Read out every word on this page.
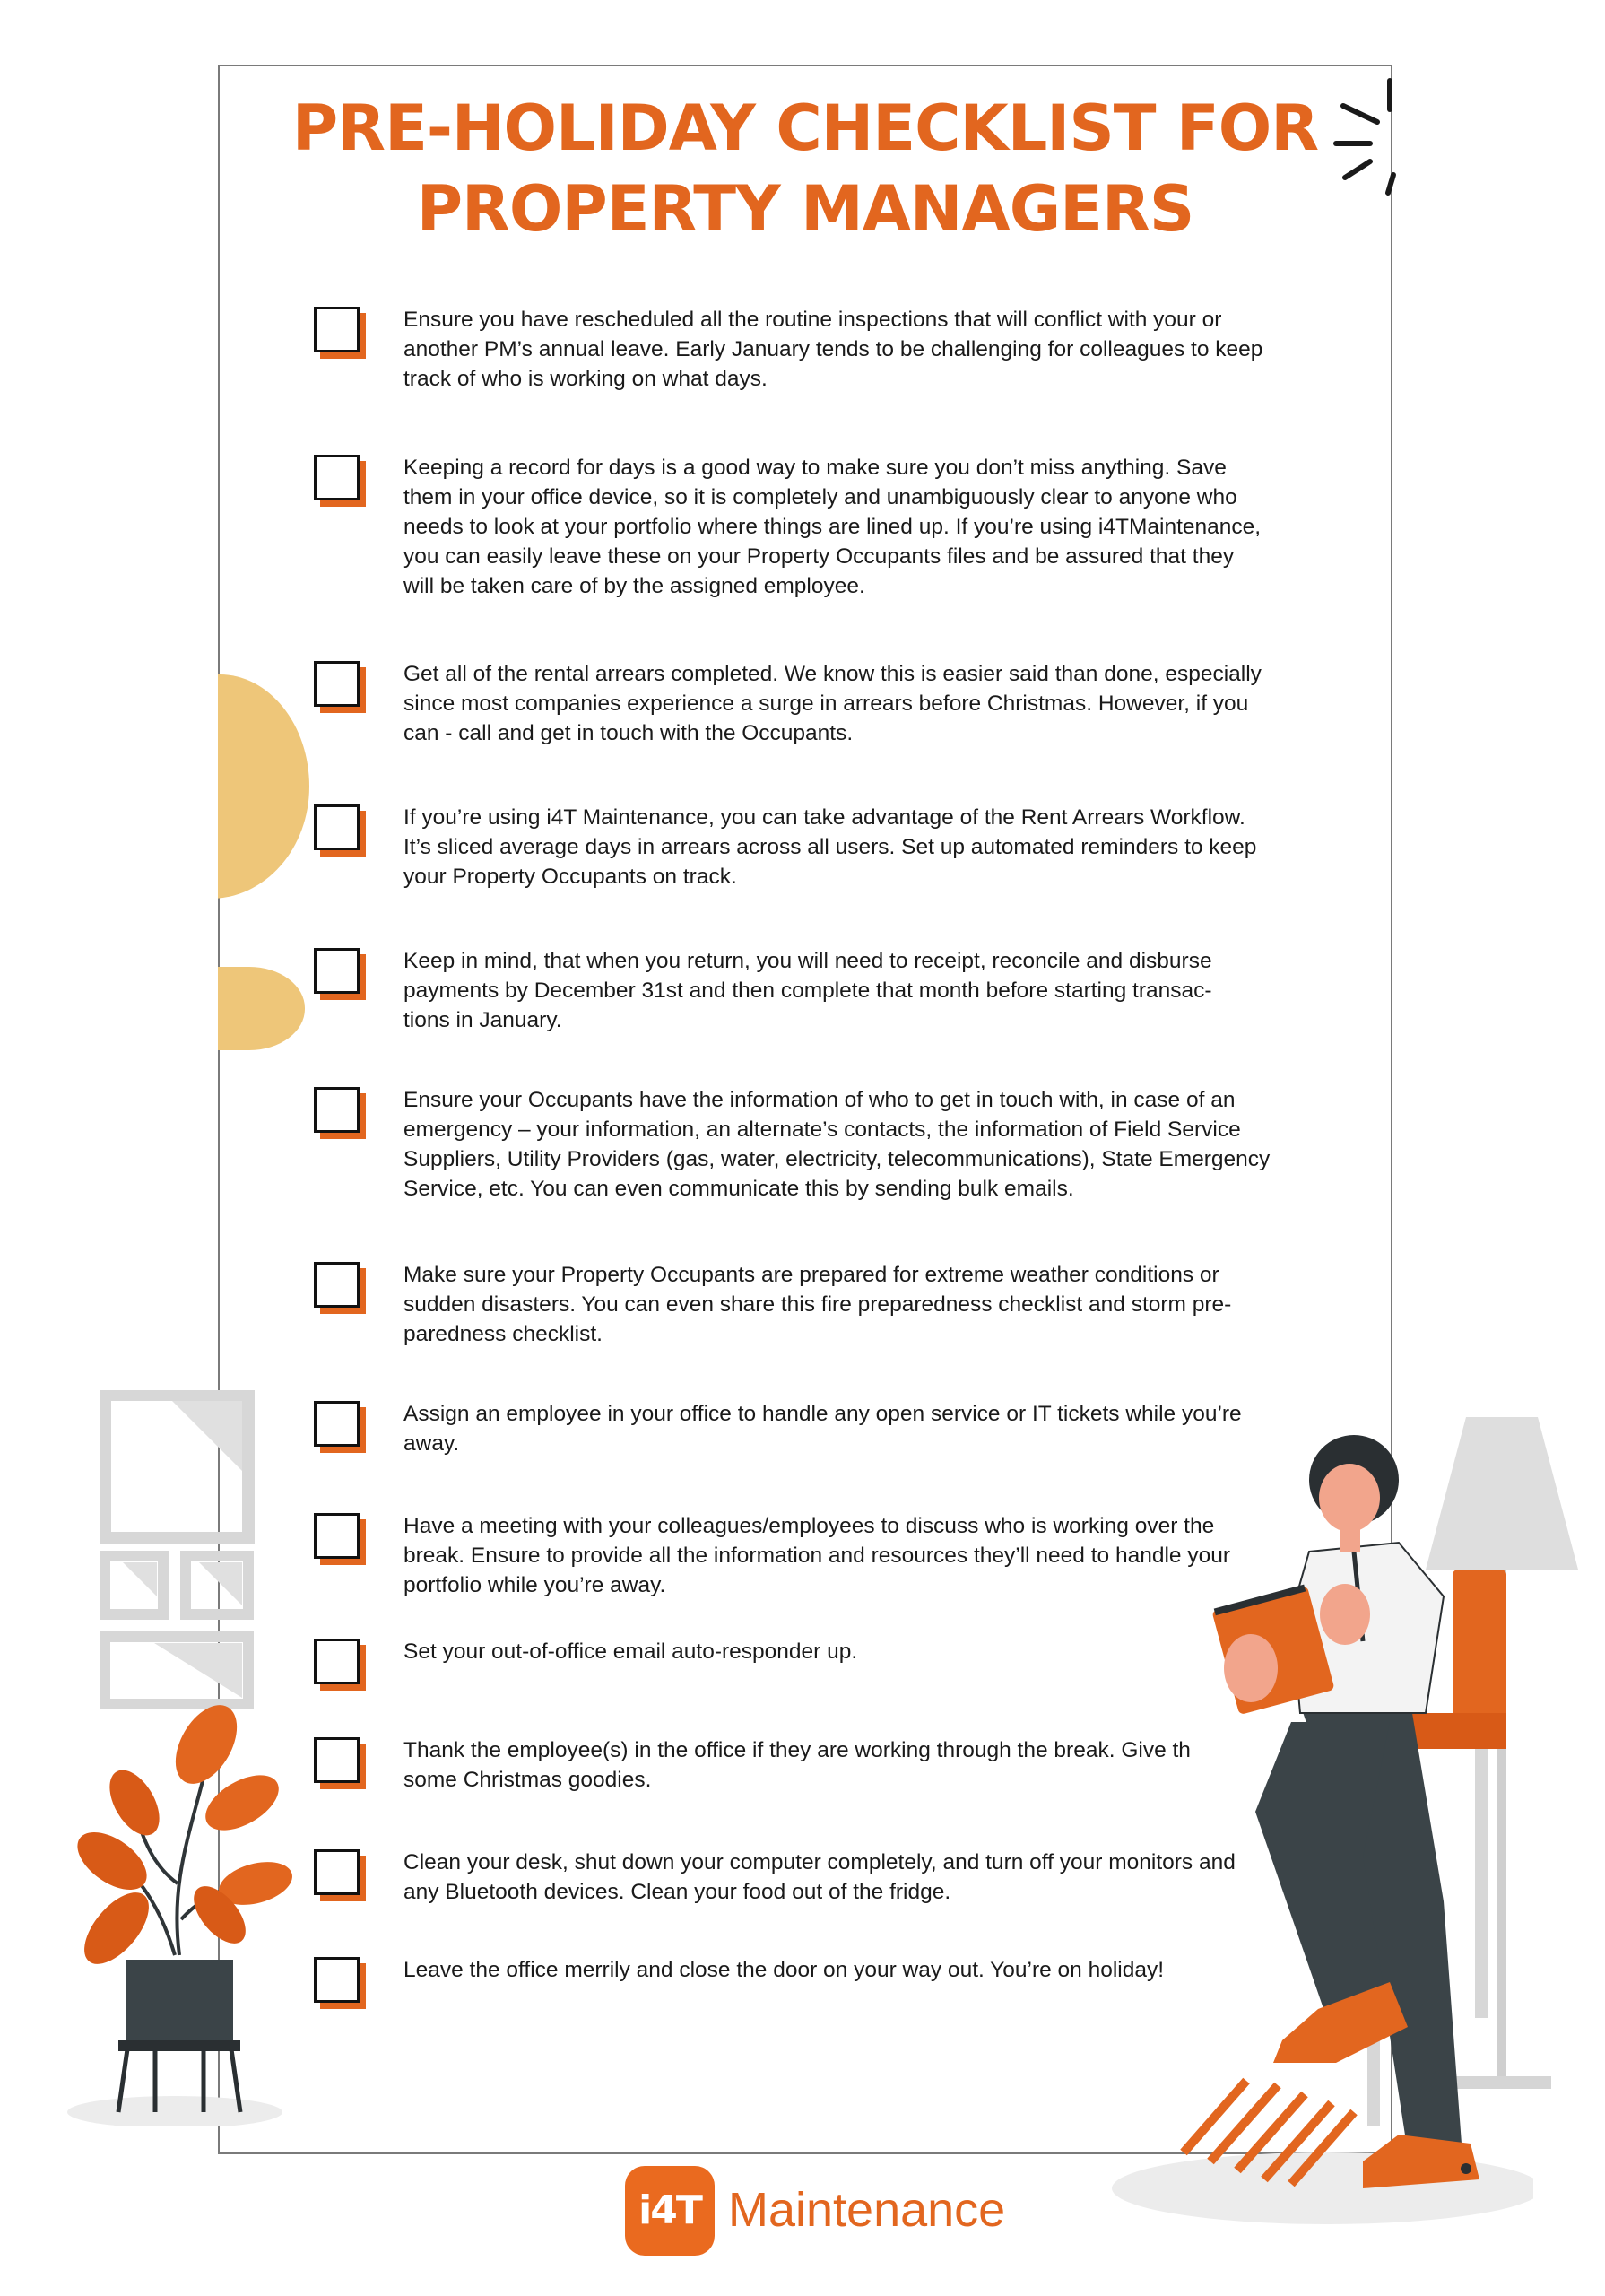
PRE-HOLIDAY CHECKLIST FOR
PROPERTY MANAGERS
Ensure you have rescheduled all the routine inspections that will conflict with your or
another PM’s annual leave. Early January tends to be challenging for colleagues to keep
track of who is working on what days.
Keeping a record for days is a good way to make sure you don’t miss anything. Save
them in your office device, so it is completely and unambiguously clear to anyone who
needs to look at your portfolio where things are lined up. If you’re using i4TMaintenance,
you can easily leave these on your Property Occupants files and be assured that they
will be taken care of by the assigned employee.
Get all of the rental arrears completed. We know this is easier said than done, especially
since most companies experience a surge in arrears before Christmas. However, if you
can - call and get in touch with the Occupants.
If you’re using i4T Maintenance, you can take advantage of the Rent Arrears Workflow.
It’s sliced average days in arrears across all users. Set up automated reminders to keep
your Property Occupants on track.
Keep in mind, that when you return, you will need to receipt, reconcile and disburse
payments by December 31st and then complete that month before starting transac-
tions in January.
Ensure your Occupants have the information of who to get in touch with, in case of an
emergency – your information, an alternate’s contacts, the information of Field Service
Suppliers, Utility Providers (gas, water, electricity, telecommunications), State Emergency
Service, etc. You can even communicate this by sending bulk emails.
Make sure your Property Occupants are prepared for extreme weather conditions or
sudden disasters. You can even share this fire preparedness checklist and storm pre-
paredness checklist.
Assign an employee in your office to handle any open service or IT tickets while you’re
away.
Have a meeting with your colleagues/employees to discuss who is working over the
break. Ensure to provide all the information and resources they’ll need to handle your
portfolio while you’re away.
Set your out-of-office email auto-responder up.
Thank the employee(s) in the office if they are working through the break. Give th
some Christmas goodies.
Clean your desk, shut down your computer completely, and turn off your monitors and
any Bluetooth devices. Clean your food out of the fridge.
Leave the office merrily and close the door on your way out. You’re on holiday!
i4T Maintenance
